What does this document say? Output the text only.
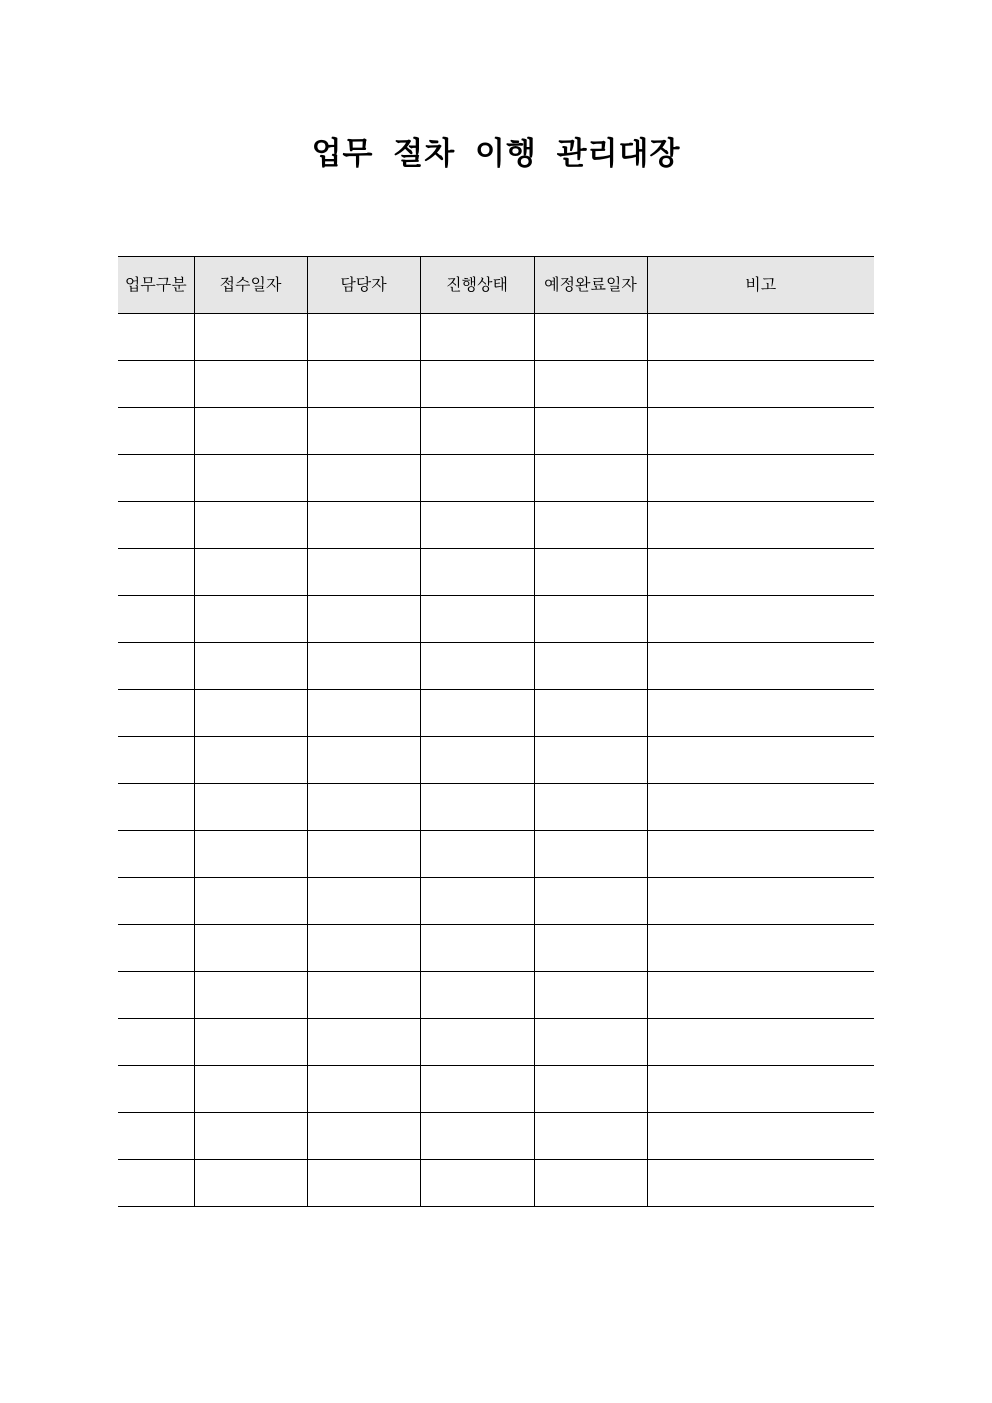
업무 절차 이행 관리대장
업무구분	접수일자	담당자	진행상태	예정완료일자	비고
